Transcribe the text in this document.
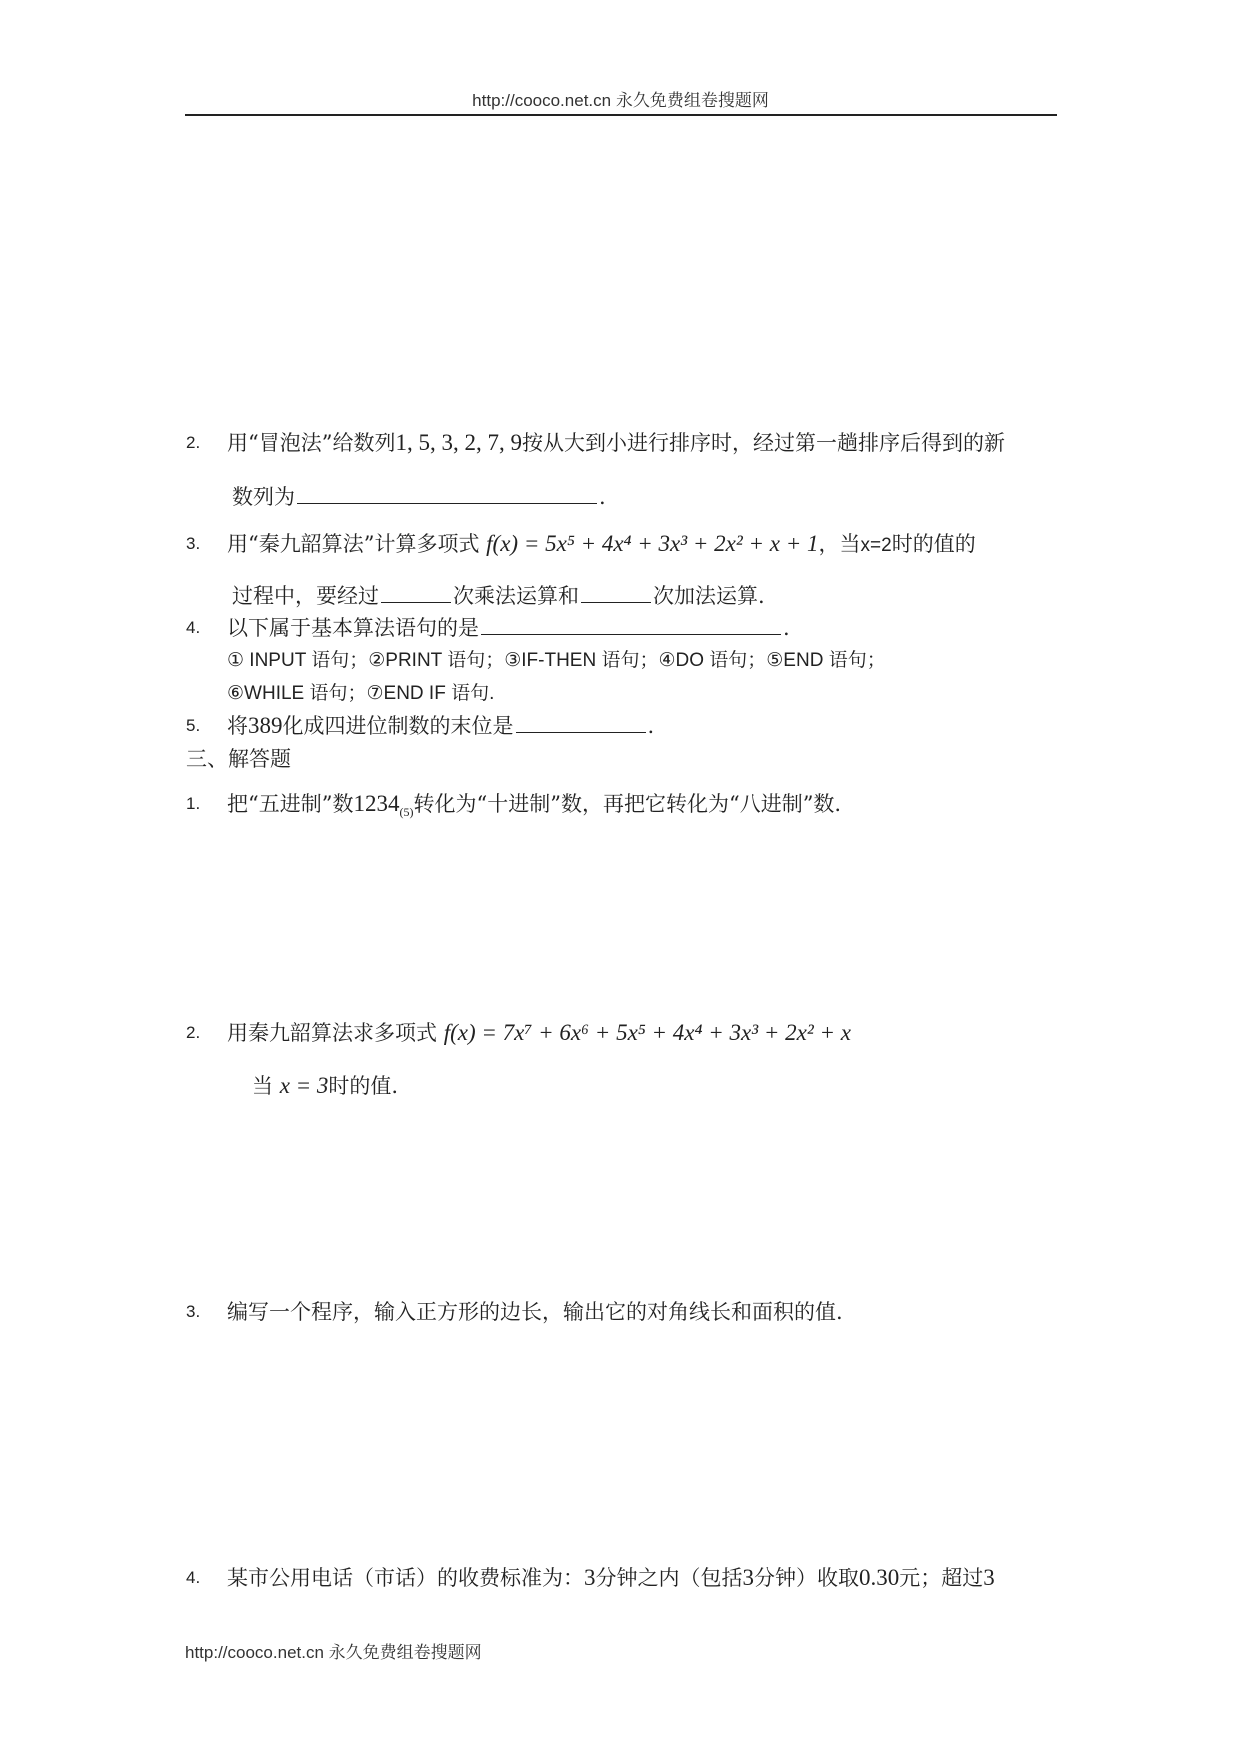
http://cooco.net.cn 永久免费组卷搜题网
2. 用“冒泡法”给数列1, 5, 3, 2, 7, 9按从大到小进行排序时，经过第一趟排序后得到的新
数列为	.
3. 用“秦九韶算法”计算多项式 f(x) = 5x⁵ + 4x⁴ + 3x³ + 2x² + x + 1，当x=2时的值的
过程中，要经过	次乘法运算和	次加法运算.
4. 以下属于基本算法语句的是	.
① INPUT 语句；②PRINT 语句；③IF-THEN 语句；④DO 语句；⑤END 语句；
⑥WHILE 语句；⑦END IF 语句.
5. 将389化成四进位制数的末位是	.
三、解答题
1. 把“五进制”数$1234_{(5)}$转化为“十进制”数，再把它转化为“八进制”数.
2. 用秦九韶算法求多项式 f(x) = 7x⁷ + 6x⁶ + 5x⁵ + 4x⁴ + 3x³ + 2x² + x
当 x = 3时的值.
3. 编写一个程序，输入正方形的边长，输出它的对角线长和面积的值.
4. 某市公用电话（市话）的收费标准为：3分钟之内（包括3分钟）收取0.30元；超过3
http://cooco.net.cn 永久免费组卷搜题网
